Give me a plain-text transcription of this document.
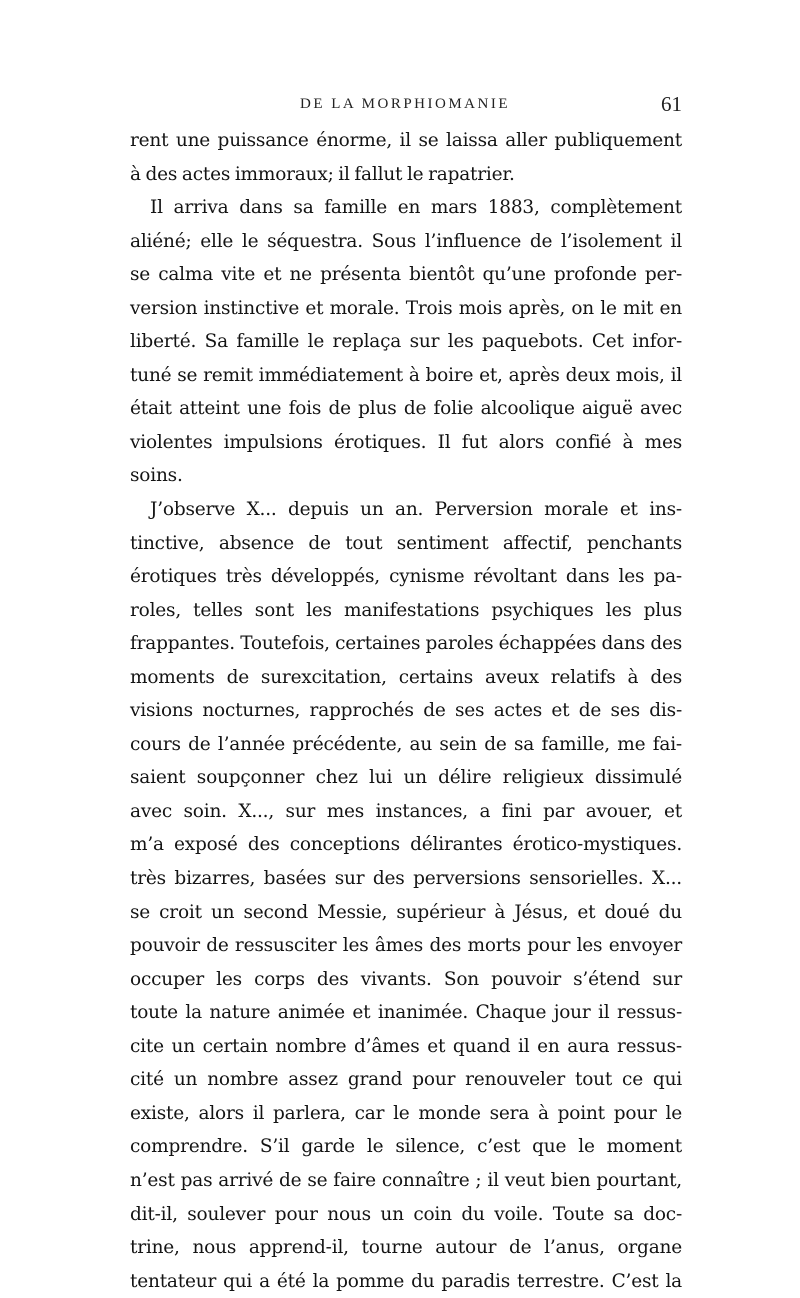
DE LA MORPHIOMANIE	61
rent une puissance énorme, il se laissa aller publiquement
à des actes immoraux; il fallut le rapatrier.
Il arriva dans sa famille en mars 1883, complètement
aliéné; elle le séquestra. Sous l’influence de l’isolement il
se calma vite et ne présenta bientôt qu’une profonde per-
version instinctive et morale. Trois mois après, on le mit en
liberté. Sa famille le replaça sur les paquebots. Cet infor-
tuné se remit immédiatement à boire et, après deux mois, il
était atteint une fois de plus de folie alcoolique aiguë avec
violentes impulsions érotiques. Il fut alors confié à mes
soins.
J’observe X... depuis un an. Perversion morale et ins-
tinctive, absence de tout sentiment affectif, penchants
érotiques très développés, cynisme révoltant dans les pa-
roles, telles sont les manifestations psychiques les plus
frappantes. Toutefois, certaines paroles échappées dans des
moments de surexcitation, certains aveux relatifs à des
visions nocturnes, rapprochés de ses actes et de ses dis-
cours de l’année précédente, au sein de sa famille, me fai-
saient soupçonner chez lui un délire religieux dissimulé
avec soin. X..., sur mes instances, a fini par avouer, et
m’a exposé des conceptions délirantes érotico-mystiques.
très bizarres, basées sur des perversions sensorielles. X...
se croit un second Messie, supérieur à Jésus, et doué du
pouvoir de ressusciter les âmes des morts pour les envoyer
occuper les corps des vivants. Son pouvoir s’étend sur
toute la nature animée et inanimée. Chaque jour il ressus-
cite un certain nombre d’âmes et quand il en aura ressus-
cité un nombre assez grand pour renouveler tout ce qui
existe, alors il parlera, car le monde sera à point pour le
comprendre. S’il garde le silence, c’est que le moment
n’est pas arrivé de se faire connaître ; il veut bien pourtant,
dit-il, soulever pour nous un coin du voile. Toute sa doc-
trine, nous apprend-il, tourne autour de l’anus, organe
tentateur qui a été la pomme du paradis terrestre. C’est la
